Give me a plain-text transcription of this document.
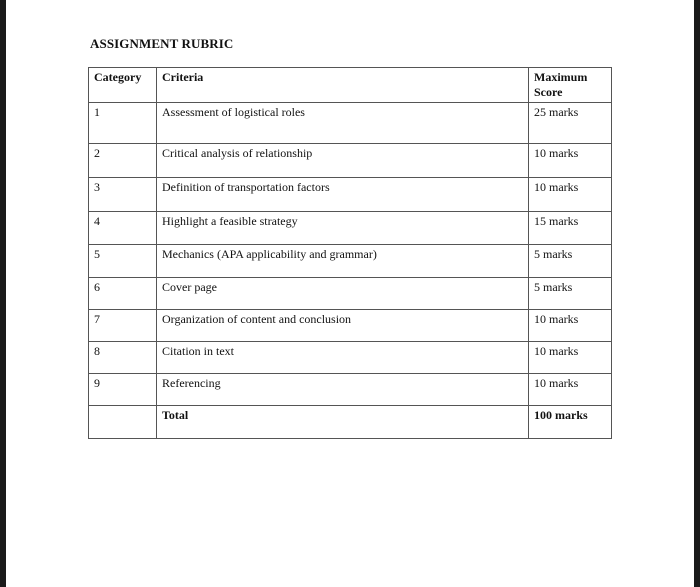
ASSIGNMENT RUBRIC
Category	Criteria	Maximum
Score

1	Assessment of logistical roles	25 marks
2	Critical analysis of relationship	10 marks
3	Definition of transportation factors	10 marks
4	Highlight a feasible strategy	15 marks
5	Mechanics (APA applicability and grammar)	5 marks
6	Cover page	5 marks
7	Organization of content and conclusion	10 marks
8	Citation in text	10 marks
9	Referencing	10 marks
	Total	100 marks
